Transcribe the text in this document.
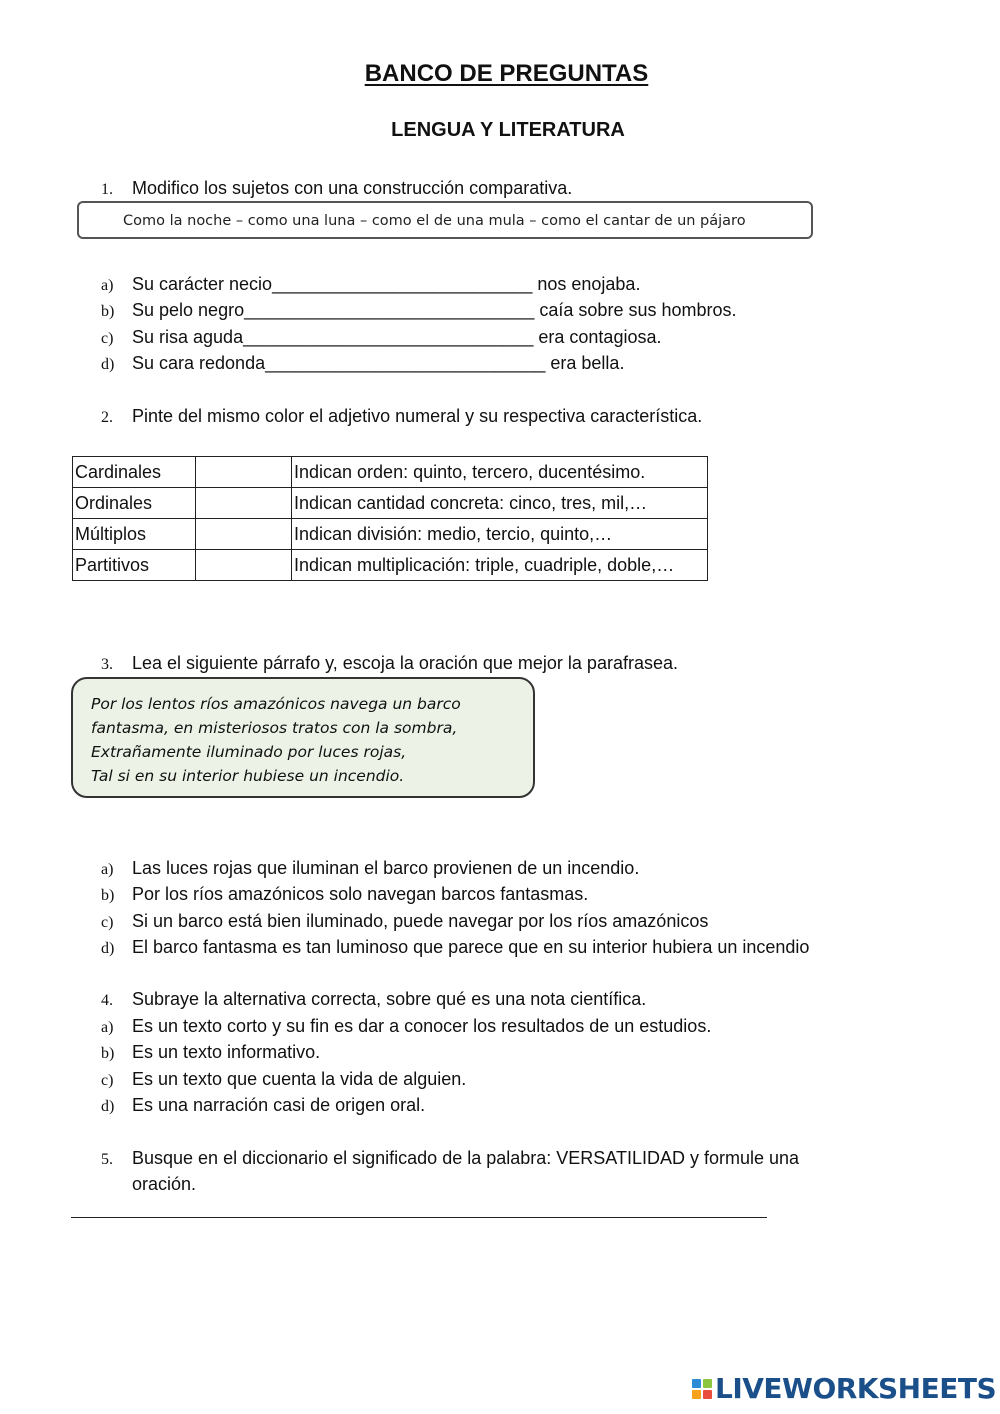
BANCO DE PREGUNTAS
LENGUA Y LITERATURA
1. Modifico los sujetos con una construcción comparativa.
Como la noche – como una luna – como el de una mula – como el cantar de un pájaro
a) Su carácter necio__________________________ nos enojaba.
b) Su pelo negro_____________________________ caía sobre sus hombros.
c) Su risa aguda_____________________________ era contagiosa.
d) Su cara redonda____________________________ era bella.
2. Pinte del mismo color el adjetivo numeral y su respectiva característica.
Cardinales		Indican orden: quinto, tercero, ducentésimo.
Ordinales		Indican cantidad concreta: cinco, tres, mil,…
Múltiplos		Indican división: medio, tercio, quinto,…
Partitivos		Indican multiplicación: triple, cuadriple, doble,…
3. Lea el siguiente párrafo y, escoja la oración que mejor la parafrasea.
Por los lentos ríos amazónicos navega un barco
fantasma, en misteriosos tratos con la sombra,
Extrañamente iluminado por luces rojas,
Tal si en su interior hubiese un incendio.
a) Las luces rojas que iluminan el barco provienen de un incendio.
b) Por los ríos amazónicos solo navegan barcos fantasmas.
c) Si un barco está bien iluminado, puede navegar por los ríos amazónicos
d) El barco fantasma es tan luminoso que parece que en su interior hubiera un incendio
4. Subraye la alternativa correcta, sobre qué es una nota científica.
a) Es un texto corto y su fin es dar a conocer los resultados de un estudios.
b) Es un texto informativo.
c) Es un texto que cuenta la vida de alguien.
d) Es una narración casi de origen oral.
5. Busque en el diccionario el significado de la palabra: VERSATILIDAD y formule una
oración.
LIVEWORKSHEETS
